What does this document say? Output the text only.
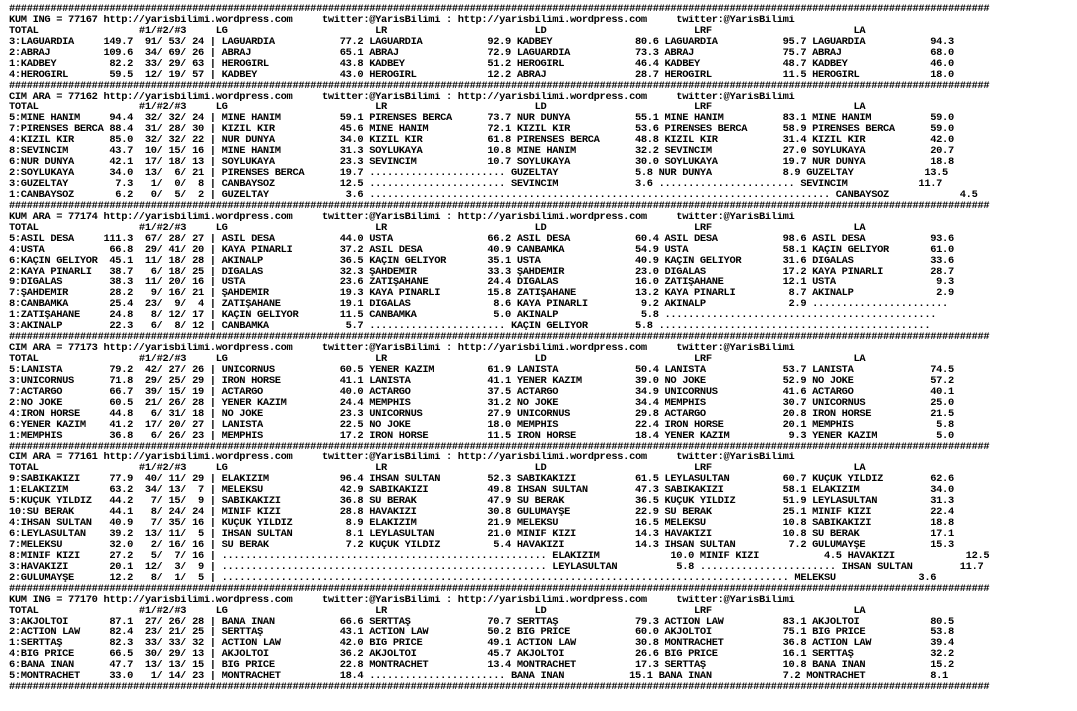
######################################################################################################################################################################
KUM ING = 77167 http://yarisbilimi.wordpress.com     twitter:@YarisBilimi : http://yarisbilimi.wordpress.com     twitter:@YarisBilimi
TOTAL                 #1/#2/#3     LG                         LR                         LD                         LRF                        LA
3:LAGUARDIA     149.7  91/ 53/ 24 | LAGUARDIA           77.2 LAGUARDIA           92.9 KADBEY              80.6 LAGUARDIA           95.7 LAGUARDIA           94.3
2:ABRAJ         109.6  34/ 69/ 26 | ABRAJ               65.1 ABRAJ               72.9 LAGUARDIA           73.3 ABRAJ               75.7 ABRAJ               68.0
1:KADBEY         82.2  33/ 29/ 63 | HEROGIRL            43.8 KADBEY              51.2 HEROGIRL            46.4 KADBEY              48.7 KADBEY              46.0
4:HEROGIRL       59.5  12/ 19/ 57 | KADBEY              43.0 HEROGIRL            12.2 ABRAJ               28.7 HEROGIRL            11.5 HEROGIRL            18.0
######################################################################################################################################################################
CIM ARA = 77162 http://yarisbilimi.wordpress.com     twitter:@YarisBilimi : http://yarisbilimi.wordpress.com     twitter:@YarisBilimi
TOTAL                 #1/#2/#3     LG                         LR                         LD                         LRF                        LA
5:MİNE HANIM     94.4  32/ 32/ 24 | MİNE HANIM          59.1 PİRENSES BERCA      73.7 NUR DÜNYA           55.1 MİNE HANIM          83.1 MİNE HANIM          59.0
7:PİRENSES BERCA 88.4  31/ 28/ 30 | KIZIL KIR           45.6 MİNE HANIM          72.1 KIZIL KIR           53.6 PİRENSES BERCA      58.9 PİRENSES BERCA      59.0
4:KIZIL KIR      85.0  32/ 32/ 22 | NUR DÜNYA           34.0 KIZIL KIR           61.8 PİRENSES BERCA      48.8 KIZIL KIR           31.4 KIZIL KIR           42.0
8:SEVİNCİM       43.7  10/ 15/ 16 | MİNE HANIM          31.3 SOYLUKAYA           10.8 MİNE HANIM          32.2 SEVİNCİM            27.0 SOYLUKAYA           20.7
6:NUR DÜNYA      42.1  17/ 18/ 13 | SOYLUKAYA           23.3 SEVİNCİM            10.7 SOYLUKAYA           30.0 SOYLUKAYA           19.7 NUR DÜNYA           18.8
2:SOYLUKAYA      34.0  13/  6/ 21 | PİRENSES BERCA      19.7 ....................... GÜZELTAY             5.8 NUR DÜNYA            8.9 GÜZELTAY            13.5
3:GÜZELTAY        7.3   1/  0/  8 | CANBAYSÖZ           12.5 ....................... SEVİNCİM             3.6 ....................... SEVİNCİM            11.7
1:CANBAYSÖZ       6.2   0/  5/  2 | GÜZELTAY             3.6 .............................................................................. CANBAYSÖZ            4.5
######################################################################################################################################################################
KUM ARA = 77174 http://yarisbilimi.wordpress.com     twitter:@YarisBilimi : http://yarisbilimi.wordpress.com     twitter:@YarisBilimi
TOTAL                 #1/#2/#3     LG                         LR                         LD                         LRF                        LA
5:ASİL DESA     111.3  67/ 28/ 27 | ASİL DESA           44.0 USTA                66.2 ASİL DESA           60.4 ASİL DESA           98.6 ASİL DESA           93.6
4:USTA           66.8  29/ 41/ 20 | KAYA PINARLI        37.2 ASİL DESA           40.9 CANBAMKA            54.9 USTA                58.1 KAÇIN GELİYOR       61.0
6:KAÇIN GELİYOR  45.1  11/ 18/ 28 | AKINALP             36.5 KAÇIN GELİYOR       35.1 USTA                40.9 KAÇIN GELİYOR       31.6 DİGALAS             33.6
2:KAYA PINARLI   38.7   6/ 18/ 25 | DİGALAS             32.3 ŞAHDEMİR            33.3 ŞAHDEMİR            23.0 DİGALAS             17.2 KAYA PINARLI        28.7
9:DİGALAS        38.3  11/ 20/ 16 | USTA                23.6 ZATİŞAHANE          24.4 DİGALAS             16.0 ZATİŞAHANE          12.1 USTA                 9.3
7:ŞAHDEMİR       28.2   9/ 16/ 21 | ŞAHDEMİR            19.3 KAYA PINARLI        15.8 ZATİŞAHANE          13.2 KAYA PINARLI         8.7 AKINALP              2.9
8:CANBAMKA       25.4  23/  9/  4 | ZATİŞAHANE          19.1 DİGALAS              8.6 KAYA PINARLI         9.2 AKINALP              2.9 .......................
1:ZATİŞAHANE     24.8   8/ 12/ 17 | KAÇIN GELİYOR       11.5 CANBAMKA             5.0 AKINALP              5.8 ..............................................
3:AKINALP        22.3   6/  8/ 12 | CANBAMKA             5.7 ....................... KAÇIN GELİYOR        5.8 ..............................................
######################################################################################################################################################################
CIM ARA = 77173 http://yarisbilimi.wordpress.com     twitter:@YarisBilimi : http://yarisbilimi.wordpress.com     twitter:@YarisBilimi
TOTAL                 #1/#2/#3     LG                         LR                         LD                         LRF                        LA
5:LANISTA        79.2  42/ 27/ 26 | UNICORNUS           60.5 YENER KAZIM         61.9 LANISTA             50.4 LANISTA             53.7 LANISTA             74.5
3:UNICORNUS      71.8  29/ 25/ 29 | IRON HORSE          41.1 LANISTA             41.1 YENER KAZIM         39.0 NO JOKE             52.9 NO JOKE             57.2
7:ACTARGO        66.7  39/ 15/ 19 | ACTARGO             40.0 ACTARGO             37.5 ACTARGO             34.9 UNICORNUS           41.6 ACTARGO             40.1
2:NO JOKE        60.5  21/ 26/ 28 | YENER KAZIM         24.4 MEMPHIS             31.2 NO JOKE             34.4 MEMPHIS             30.7 UNICORNUS           25.0
4:IRON HORSE     44.8   6/ 31/ 18 | NO JOKE             23.3 UNICORNUS           27.9 UNICORNUS           29.8 ACTARGO             20.8 IRON HORSE          21.5
6:YENER KAZIM    41.2  17/ 20/ 27 | LANISTA             22.5 NO JOKE             18.0 MEMPHIS             22.4 IRON HORSE          20.1 MEMPHIS              5.8
1:MEMPHIS        36.8   6/ 26/ 23 | MEMPHIS             17.2 IRON HORSE          11.5 IRON HORSE          18.4 YENER KAZIM          9.3 YENER KAZIM          5.0
######################################################################################################################################################################
CIM ARA = 77161 http://yarisbilimi.wordpress.com     twitter:@YarisBilimi : http://yarisbilimi.wordpress.com     twitter:@YarisBilimi
TOTAL                 #1/#2/#3     LG                         LR                         LD                         LRF                        LA
9:SABIKAKIZI     77.9  40/ 11/ 29 | ELAKIZIM            96.4 İHSAN SULTAN        52.3 SABIKAKIZI          61.5 LEYLASULTAN         60.7 KÜÇÜK YILDIZ        62.6
1:ELAKIZIM       63.2  34/ 13/  7 | MELEKSU             42.9 SABIKAKIZI          49.8 İHSAN SULTAN        47.3 SABIKAKIZI          58.1 ELAKIZIM            34.0
5:KÜÇÜK YILDIZ   44.2   7/ 15/  9 | SABIKAKIZI          36.8 SU BERAK            47.9 SU BERAK            36.5 KÜÇÜK YILDIZ        51.9 LEYLASULTAN         31.3
10:SU BERAK      44.1   8/ 24/ 24 | MİNİF KIZI          28.8 HAVAKIZI            30.8 GÜLÜMAYŞE           22.9 SU BERAK            25.1 MİNİF KIZI          22.4
4:İHSAN SULTAN   40.9   7/ 35/ 16 | KÜÇÜK YILDIZ         8.9 ELAKIZIM            21.9 MELEKSU             16.5 MELEKSU             10.8 SABIKAKIZI          18.8
6:LEYLASULTAN    39.2  13/ 11/  5 | İHSAN SULTAN         8.1 LEYLASULTAN         21.0 MİNİF KIZI          14.3 HAVAKIZI            10.8 SU BERAK            17.1
7:MELEKSU        32.0   2/ 16/ 16 | SU BERAK             7.2 KÜÇÜK YILDIZ         5.4 HAVAKIZI            14.3 İHSAN SULTAN         7.2 GÜLÜMAYŞE           15.3
8:MİNİF KIZI     27.2   5/  7/ 16 | ....................................................... ELAKIZIM            10.0 MİNİF KIZI           4.5 HAVAKIZI            12.5
3:HAVAKIZI       20.1  12/  3/  9 | ....................................................... LEYLASULTAN          5.8 ....................... İHSAN SULTAN        11.7
2:GÜLÜMAYŞE      12.2   8/  1/  5 | ................................................................................................ MELEKSU              3.6
######################################################################################################################################################################
KUM ING = 77170 http://yarisbilimi.wordpress.com     twitter:@YarisBilimi : http://yarisbilimi.wordpress.com     twitter:@YarisBilimi
TOTAL                 #1/#2/#3     LG                         LR                         LD                         LRF                        LA
3:AKJOLTOI       87.1  27/ 26/ 28 | BANA İNAN           66.6 SERTTAŞ             70.7 SERTTAŞ             79.3 ACTION LAW          83.1 AKJOLTOI            80.5
2:ACTION LAW     82.4  23/ 21/ 25 | SERTTAŞ             43.1 ACTION LAW          50.2 BIG PRICE           60.0 AKJOLTOI            75.1 BIG PRICE           53.8
1:SERTTAŞ        82.3  33/ 33/ 32 | ACTION LAW          42.0 BIG PRICE           49.1 ACTION LAW          30.8 MONTRACHET          36.8 ACTION LAW          39.4
4:BIG PRICE      66.5  30/ 29/ 13 | AKJOLTOI            36.2 AKJOLTOI            45.7 AKJOLTOI            26.6 BIG PRICE           16.1 SERTTAŞ             32.2
6:BANA İNAN      47.7  13/ 13/ 15 | BIG PRICE           22.8 MONTRACHET          13.4 MONTRACHET          17.3 SERTTAŞ             10.8 BANA İNAN           15.2
5:MONTRACHET     33.0   1/ 14/ 23 | MONTRACHET          18.4 ....................... BANA İNAN           15.1 BANA İNAN            7.2 MONTRACHET           8.1
######################################################################################################################################################################
